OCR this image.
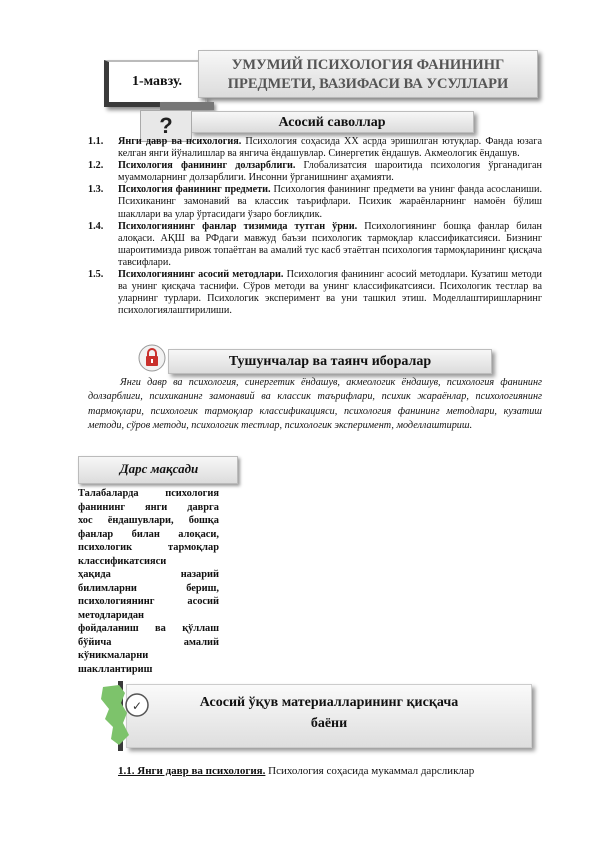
1-мавзу.
УМУМИЙ ПСИХОЛОГИЯ ФАНИНИНГ
ПРЕДМЕТИ, ВАЗИФАСИ ВА УСУЛЛАРИ
Асосий саволлар
?
1.1.	Янги давр ва психология. Психология соҳасида ХХ асрда эришилган ютуқлар. Фанда юзага келган янги йўналишлар ва янгича ёндашувлар. Синергетик ёндашув. Акмеологик ёндашув.
1.2.	Психология фанининг долзарблиги. Глобализатсия шароитида психология ўрганадиган муаммоларнинг долзарблиги. Инсонни ўрганишнинг аҳамияти.
1.3.	Психология фанининг предмети. Психология фанининг предмети ва унинг фанда асосланиши. Психиканинг замонавий ва классик таърифлари. Психик жараёнларнинг намоён бўлиш шакллари ва улар ўртасидаги ўзаро боғлиқлик.
1.4.	Психологиянинг фанлар тизимида тутган ўрни. Психологиянинг бошқа фанлар билан алоқаси. АҚШ ва РФдаги мавжуд баъзи психологик тармоқлар классификатсияси. Бизнинг шароитимизда ривож топаётган ва амалий тус касб этаётган психология тармоқларининг қисқача тавсифлари.
1.5.	Психологиянинг асосий методлари. Психология фанининг асосий методлари. Кузатиш методи ва унинг қисқача таснифи. Сўров методи ва унинг классификатсияси. Психологик тестлар ва уларнинг турлари. Психологик эксперимент ва уни ташкил этиш. Моделлаштиришларнинг психологиялаштирилиши.
Тушунчалар ва таянч иборалар
Янги давр ва психология, синергетик ёндашув, акмеологик ёндашув, психология фанининг долзарблиги, психиканинг замонавий ва классик таърифлари, психик жараёнлар, психологиянинг тармоқлари, психологик тармоқлар классификацияси, психология фанининг методлари, кузатиш методи, сўров методи, психологик тестлар, психологик эксперимент, моделлаштириш.
Дарс мақсади
Талабаларда	психология
фанининг янги даврга
хос ёндашувлари, бошқа
фанлар билан алоқаси,
психологик	тармоқлар
классификатсияси
ҳақида	назарий
билимларни	бериш,
психологиянинг	асосий
методларидан
фойдаланиш ва қўллаш
бўйича	амалий
кўникмаларни
шакллантириш
Асосий ўқув материалларининг қисқача
баёни
✓
1.1. Янги давр ва психология. Психология соҳасида мукаммал дарсликлар
